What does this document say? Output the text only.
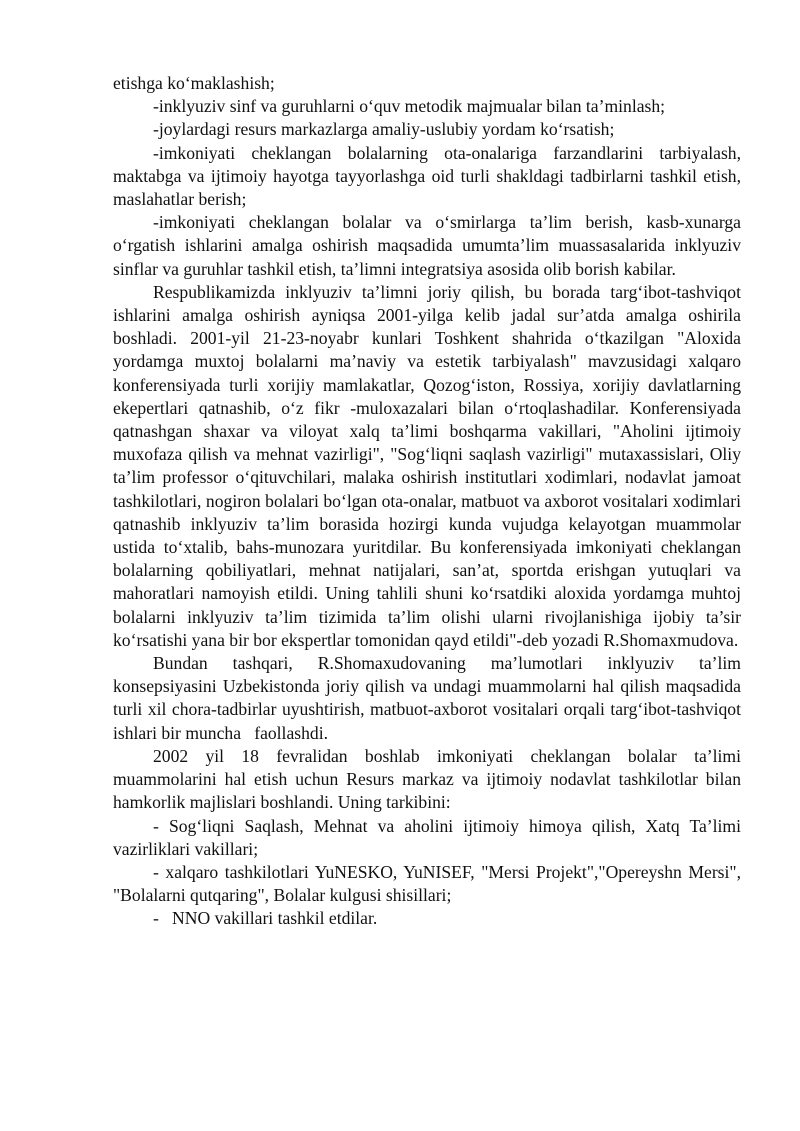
etishga ko‘maklashish;

-inklyuziv sinf va guruhlarni o‘quv metodik majmualar bilan ta’minlash;

-joylardagi resurs markazlarga amaliy-uslubiy yordam ko‘rsatish;

-imkoniyati cheklangan bolalarning ota-onalariga farzandlarini tarbiyalash, maktabga va ijtimoiy hayotga tayyorlashga oid turli shakldagi tadbirlarni tashkil etish, maslahatlar berish;

-imkoniyati cheklangan bolalar va o‘smirlarga ta’lim berish, kasb-xunarga o‘rgatish ishlarini amalga oshirish maqsadida umumta’lim muassasalarida inklyuziv sinflar va guruhlar tashkil etish, ta’limni integratsiya asosida olib borish kabilar.

Respublikamizda inklyuziv ta’limni joriy qilish, bu borada targ‘ibot-tashviqot ishlarini amalga oshirish ayniqsa 2001-yilga kelib jadal sur’atda amalga oshirila boshladi. 2001-yil 21-23-noyabr kunlari Toshkent shahrida o‘tkazilgan "Aloxida yordamga muxtoj bolalarni ma’naviy va estetik tarbiyalash" mavzusidagi xalqaro konferensiyada turli xorijiy mamlakatlar, Qozog‘iston, Rossiya, xorijiy davlatlarning ekepertlari qatnashib, o‘z fikr -muloxazalari bilan o‘rtoqlashadilar. Konferensiyada qatnashgan shaxar va viloyat xalq ta’limi boshqarma vakillari, "Aholini ijtimoiy muxofaza qilish va mehnat vazirligi", "Sog‘liqni saqlash vazirligi" mutaxassislari, Oliy ta’lim professor o‘qituvchilari, malaka oshirish institutlari xodimlari, nodavlat jamoat tashkilotlari, nogiron bolalari bo‘lgan ota-onalar, matbuot va axborot vositalari xodimlari qatnashib inklyuziv ta’lim borasida hozirgi kunda vujudga kelayotgan muammolar ustida to‘xtalib, bahs-munozara yuritdilar. Bu konferensiyada imkoniyati cheklangan bolalarning qobiliyatlari, mehnat natijalari, san’at, sportda erishgan yutuqlari va mahoratlari namoyish etildi. Uning tahlili shuni ko‘rsatdiki aloxida yordamga muhtoj bolalarni inklyuziv ta’lim tizimida ta’lim olishi ularni rivojlanishiga ijobiy ta’sir ko‘rsatishi yana bir bor ekspertlar tomonidan qayd etildi"-deb yozadi R.Shomaxmudova.

Bundan tashqari, R.Shomaxudovaning ma’lumotlari inklyuziv ta’lim konsepsiyasini Uzbekistonda joriy qilish va undagi muammolarni hal qilish maqsadida turli xil chora-tadbirlar uyushtirish, matbuot-axborot vositalari orqali targ‘ibot-tashviqot ishlari bir muncha   faollashdi.

2002 yil 18 fevralidan boshlab imkoniyati cheklangan bolalar ta’limi muammolarini hal etish uchun Resurs markaz va ijtimoiy nodavlat tashkilotlar bilan hamkorlik majlislari boshlandi. Uning tarkibini:

- Sog‘liqni Saqlash, Mehnat va aholini ijtimoiy himoya qilish, Xatq Ta’limi vazirliklari vakillari;

- xalqaro tashkilotlari YuNESKO, YuNISEF, "Mersi Projekt","Opereyshn Mersi", "Bolalarni qutqaring", Bolalar kulgusi shisillari;

-   NNO vakillari tashkil etdilar.
